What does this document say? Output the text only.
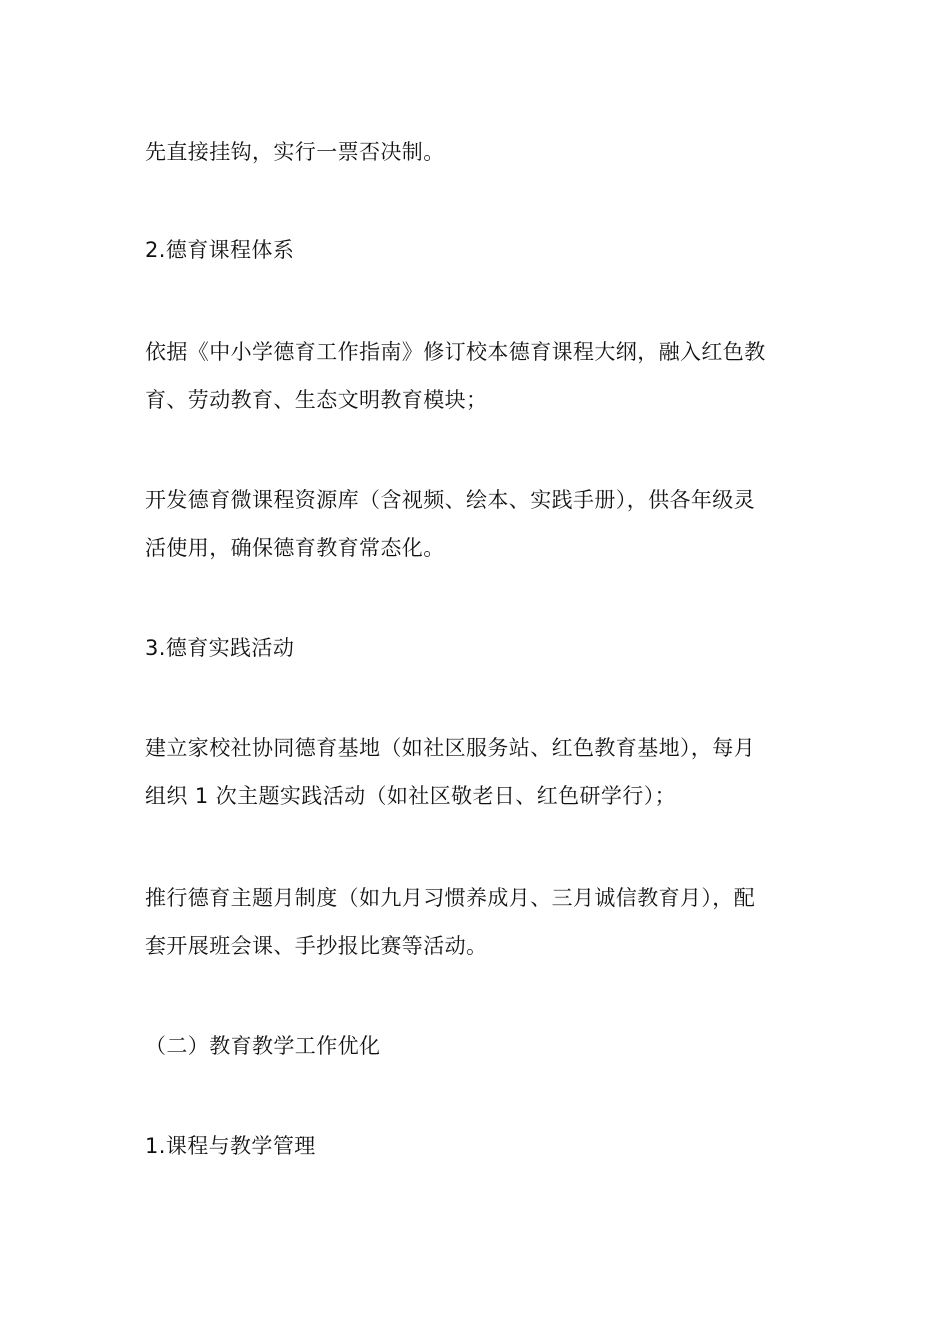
先直接挂钩，实行一票否决制。

2.德育课程体系

依据《中小学德育工作指南》修订校本德育课程大纲，融入红色教
育、劳动教育、生态文明教育模块；

开发德育微课程资源库（含视频、绘本、实践手册），供各年级灵
活使用，确保德育教育常态化。

3.德育实践活动

建立家校社协同德育基地（如社区服务站、红色教育基地），每月
组织 1 次主题实践活动（如社区敬老日、红色研学行）；

推行德育主题月制度（如九月习惯养成月、三月诚信教育月），配
套开展班会课、手抄报比赛等活动。

（二）教育教学工作优化

1.课程与教学管理
